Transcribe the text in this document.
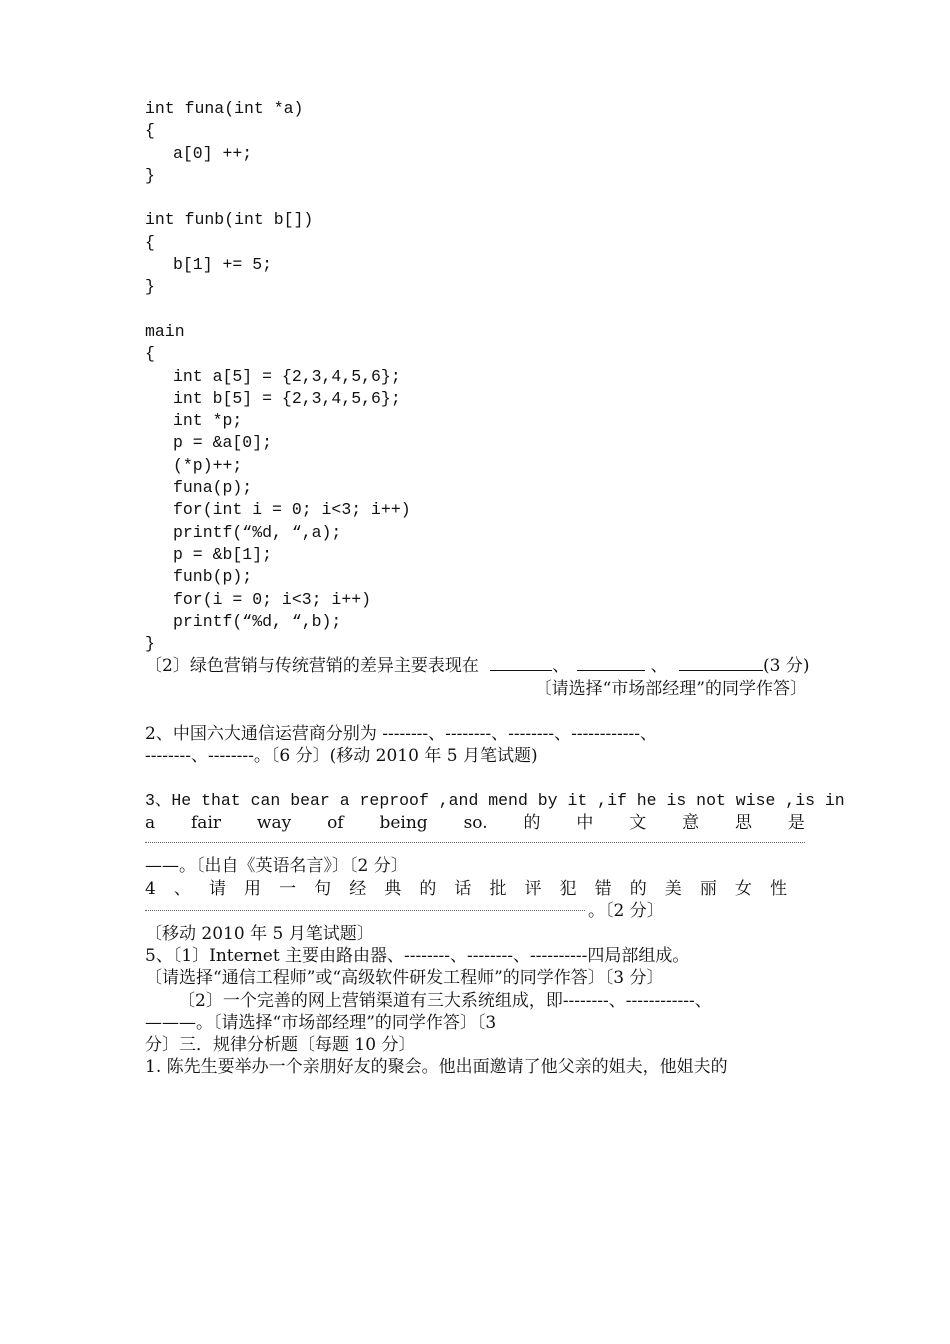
int funa(int *a)
{
a[0] ++;
}
int funb(int b[])
{
b[1] += 5;
}
main
{
int a[5] = {2,3,4,5,6};
int b[5] = {2,3,4,5,6};
int *p;
p = &a[0];
(*p)++;
funa(p);
for(int i = 0; i<3; i++)
printf(“%d, “,a);
p = &b[1];
funb(p);
for(i = 0; i<3; i++)
printf(“%d, “,b);
}
〔2〕绿色营销与传统营销的差异主要表现在	、	、	(3 分)
〔请选择“市场部经理”的同学作答〕
2、中国六大通信运营商分别为 --------、--------、--------、------------、
--------、--------。〔6 分〕(移动 2010 年 5 月笔试题)
3、He that can bear a reproof ,and mend by it ,if he is not wise ,is in
a fair way of being so. 的 中 文 意 思 是
——。〔出自《英语名言》〕〔2 分〕
4 、 请 用 一 句 经 典 的 话 批 评 犯 错 的 美 丽 女 性
。〔2 分〕
〔移动 2010 年 5 月笔试题〕
5、〔1〕Internet 主要由路由器、--------、--------、----------四局部组成。
〔请选择“通信工程师”或“高级软件研发工程师”的同学作答〕〔3 分〕
〔2〕一个完善的网上营销渠道有三大系统组成，即--------、------------、
———。〔请选择“市场部经理”的同学作答〕〔3
分〕三．规律分析题〔每题 10 分〕
1. 陈先生要举办一个亲朋好友的聚会。他出面邀请了他父亲的姐夫，他姐夫的
